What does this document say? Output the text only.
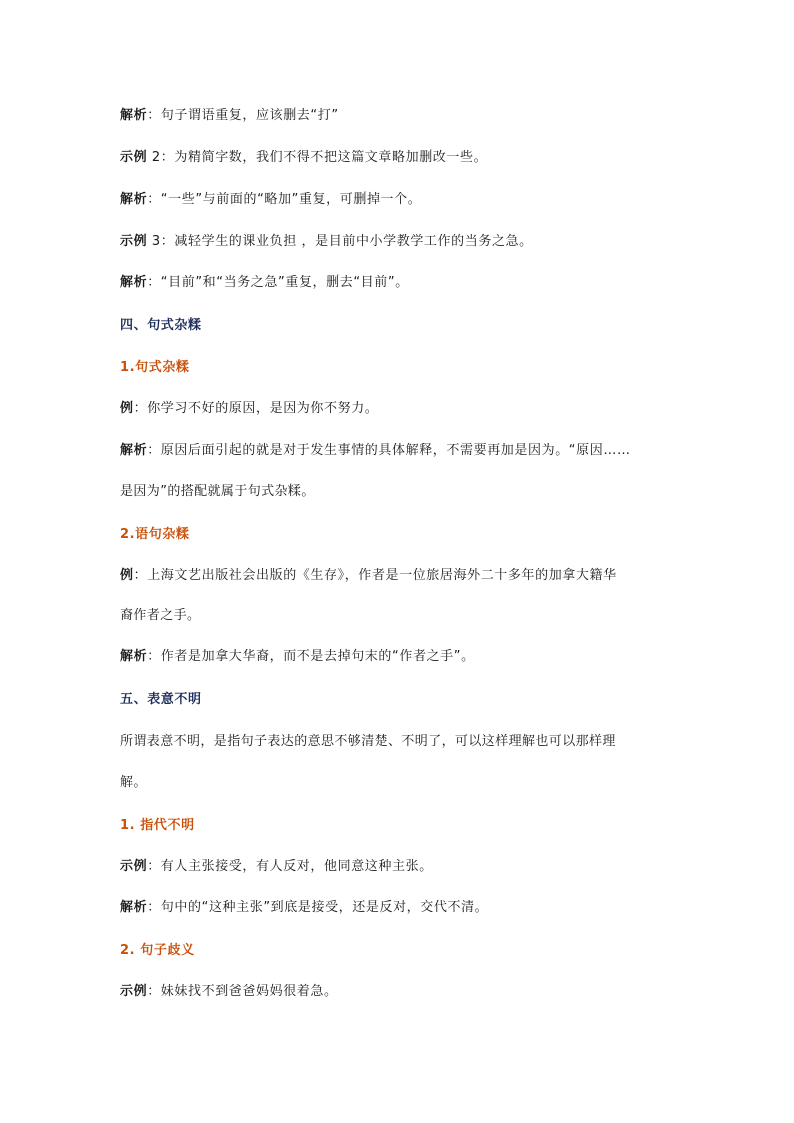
解析：句子谓语重复，应该删去“打”
示例 2：为精简字数，我们不得不把这篇文章略加删改一些。
解析：“一些”与前面的“略加”重复，可删掉一个。
示例 3：减轻学生的课业负担 ，是目前中小学教学工作的当务之急。
解析：“目前”和“当务之急”重复，删去“目前”。
四、句式杂糅
1.句式杂糅
例：你学习不好的原因，是因为你不努力。
解析：原因后面引起的就是对于发生事情的具体解释，不需要再加是因为。“原因……
是因为”的搭配就属于句式杂糅。
2.语句杂糅
例：上海文艺出版社会出版的《生存》，作者是一位旅居海外二十多年的加拿大籍华
裔作者之手。
解析：作者是加拿大华裔，而不是去掉句末的“作者之手”。
五、表意不明
所谓表意不明，是指句子表达的意思不够清楚、不明了，可以这样理解也可以那样理
解。
1. 指代不明
示例：有人主张接受，有人反对，他同意这种主张。
解析：句中的“这种主张”到底是接受，还是反对，交代不清。
2. 句子歧义
示例：妹妹找不到爸爸妈妈很着急。
